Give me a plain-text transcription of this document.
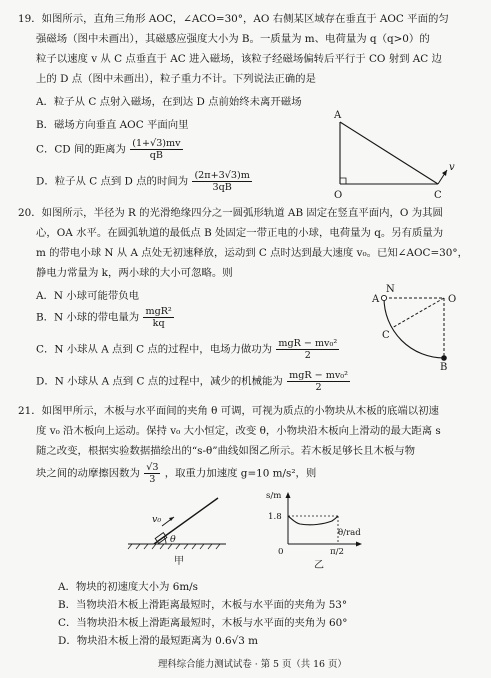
19．如图所示，直角三角形 AOC，∠ACO=30°，AO 右侧某区域存在垂直于 AOC 平面的匀
强磁场（图中未画出），其磁感应强度大小为 B。一质量为 m、电荷量为 q（q>0）的
粒子以速度 v 从 C 点垂直于 AC 进入磁场，该粒子经磁场偏转后平行于 CO 射到 AC 边
上的 D 点（图中未画出），粒子重力不计。下列说法正确的是
A．粒子从 C 点射入磁场，在到达 D 点前始终未离开磁场
B．磁场方向垂直 AOC 平面向里
C．CD 间的距离为 $\frac{(1+√3)mv}{qB}$
D．粒子从 C 点到 D 点的时间为 $\frac{(2\pi+3√3)m}{3qB}$
A
O	C
v
20．如图所示，半径为 R 的光滑绝缘四分之一圆弧形轨道 AB 固定在竖直平面内，O 为其圆
心，OA 水平。在圆弧轨道的最低点 B 处固定一带正电的小球，电荷量为 q。另有质量为
m 的带电小球 N 从 A 点处无初速释放，运动到 C 点时达到最大速度 v₀。已知∠AOC=30°，
静电力常量为 k，两小球的大小可忽略。则
A．N 小球可能带负电
B．N 小球的带电量为 $\frac{\text{mgR²}}{kq}$
C．N 小球从 A 点到 C 点的过程中，电场力做功为 $\frac{\text{mgR − mv₀²}}{2}$
D．N 小球从 A 点到 C 点的过程中，减少的机械能为 $\frac{\text{mgR − mv₀²}}{2}$
N
A	O
C
B
21．如图甲所示，木板与水平面间的夹角 θ 可调，可视为质点的小物块从木板的底端以初速
度 v₀ 沿木板向上运动。保持 v₀ 大小恒定，改变 θ，小物块沿木板向上滑动的最大距离 s
随之改变，根据实验数据描绘出的“s-θ”曲线如图乙所示。若木板足够长且木板与物
块之间的动摩擦因数为 $\frac{√3}{3}$ ，取重力加速度 g=10 m/s²，则
v₀
θ
甲
s/m
1.8
0	π/2
θ/rad
乙
A．物块的初速度大小为 6m/s
B．当物块沿木板上滑距离最短时，木板与水平面的夹角为 53°
C．当物块沿木板上滑距离最短时，木板与水平面的夹角为 60°
D．物块沿木板上滑的最短距离为 0.6√3 m
理科综合能力测试试卷 · 第 5 页（共 16 页）
